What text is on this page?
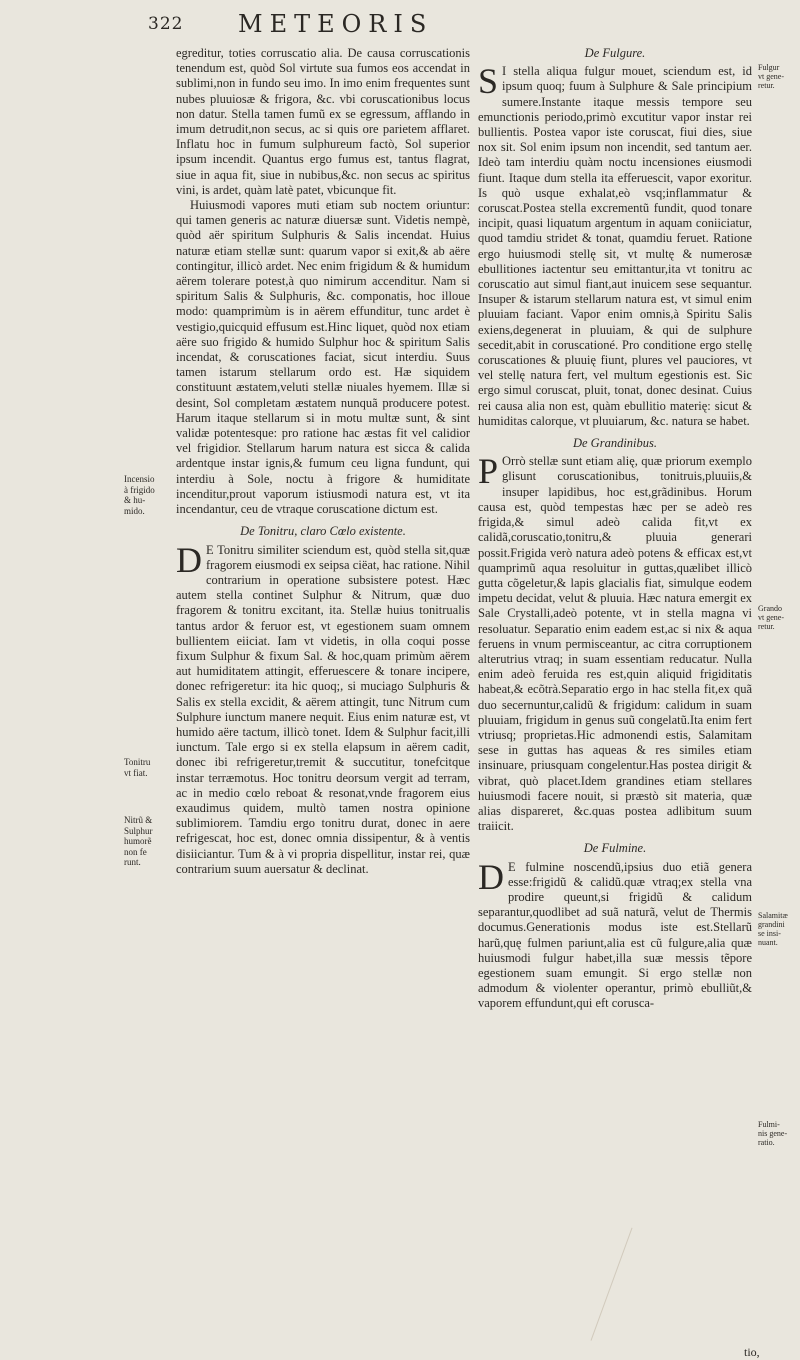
322 METEORIS
Incensio
à frigido
& hu-
mido.
Tonitru
vt fiat.
Nitrũ &
Sulphur
humorẽ
non fe
runt.
Fulgur
vt gene-
retur.
Grando
vt gene-
retur.
Salamitæ
grandini
se insi-
nuant.
Fulmi-
nis gene-
ratio.

egreditur, toties corruscatio alia. De causa corruscationis tenendum est, quòd Sol virtute sua fumos eos accendat in sublimi,non in fundo seu imo. In imo enim frequentes sunt nubes pluuiosæ & frigora, &c. vbi coruscationibus locus non datur. Stella tamen fumũ ex se egressum, afflando in imum detrudit,non secus, ac si quis ore parietem afflaret. Inflatu hoc in fumum sulphureum factò, Sol superior ipsum incendit. Quantus ergo fumus est, tantus flagrat, siue in aqua fit, siue in nubibus,&c. non secus ac spiritus vini, is ardet, quàm latè patet, vbicunque fit.

Huiusmodi vapores muti etiam sub noctem oriuntur: qui tamen generis ac naturæ diuersæ sunt. Videtis nempè, quòd aër spiritum Sulphuris & Salis incendat. Huius naturæ etiam stellæ sunt: quarum vapor si exit,& ab aëre contingitur, illicò ardet. Nec enim frigidum & & humidum aërem tolerare potest,à quo nimirum accenditur. Nam si spiritum Salis & Sulphuris, &c. componatis, hoc illoue modo: quamprimùm is in aërem effunditur, tunc ardet è vestigio,quicquid effusum est.Hinc liquet, quòd nox etiam aëre suo frigido & humido Sulphur hoc & spiritum Salis incendat, & coruscationes faciat, sicut interdiu. Suus tamen istarum stellarum ordo est. Hæ siquidem constituunt æstatem,veluti stellæ niuales hyemem. Illæ si desint, Sol completam æstatem nunquã producere potest. Harum itaque stellarum si in motu multæ sunt, & sint validæ potentesque: pro ratione hac æstas fit vel calidior vel frigidior. Stellarum harum natura est sicca & calida ardentque instar ignis,& fumum ceu ligna fundunt, qui interdiu à Sole, noctu à frigore & humiditate incenditur,prout vaporum istiusmodi natura est, vt ita incendantur, ceu de vtraque coruscatione dictum est.

De Tonitru, claro Cœlo existente.

D E Tonitru similiter sciendum est, quòd stella sit,quæ fragorem eiusmodi ex seipsa ciëat, hac ratione. Nihil contrarium in operatione subsistere potest. Hæc autem stella continet Sulphur & Nitrum, quæ duo fragorem & tonitru excitant, ita. Stellæ huius tonitrualis tantus ardor & feruor est, vt egestionem suam omnem bullientem eiiciat. Iam vt videtis, in olla coqui posse fixum Sulphur & fixum Sal. & hoc,quam primùm aërem aut humiditatem attingit, efferuescere & tonare incipere, donec refrigeretur: ita hic quoq;, si muciago Sulphuris & Salis ex stella excidit, & aërem attingit, tunc Nitrum cum Sulphure iunctum manere nequit. Eius enim naturæ est, vt humido aëre tactum, illicò tonet. Idem & Sulphur facit,illi iunctum. Tale ergo si ex stella elapsum in aërem cadit, donec ibi refrigeretur,tremit & succutitur, tonefcitque instar terræmotus. Hoc tonitru deorsum vergit ad terram, ac in medio cœlo reboat & resonat,vnde fragorem eius exaudimus quidem, multò tamen nostra opinione sublimiorem. Tamdiu ergo tonitru durat, donec in aere refrigescat, hoc est, donec omnia dissipentur, & à ventis disiiciantur. Tum & à vi propria dispellitur, instar rei, quæ contrarium suum auersatur & declinat.

De Fulgure.

S I stella aliqua fulgur mouet, sciendum est, id ipsum quoq; fuum à Sulphure & Sale principium sumere.Instante itaque messis tempore seu emunctionis periodo,primò excutitur vapor instar rei bullientis. Postea vapor iste coruscat, fiui dies, siue nox sit. Sol enim ipsum non incendit, sed tantum aer. Ideò tam interdiu quàm noctu incensiones eiusmodi fiunt. Itaque dum stella ita efferuescit, vapor exoritur. Is quò usque exhalat,eò vsq;inflammatur & coruscat.Postea stella excrementũ fundit, quod tonare incipit, quasi liquatum argentum in aquam coniiciatur, quod tamdiu stridet & tonat, quamdiu feruet. Ratione ergo huiusmodi stellę sit, vt multę & numerosæ ebullitiones iactentur seu emittantur,ita vt tonitru ac coruscatio aut simul fiant,aut inuicem sese sequantur. Insuper & istarum stellarum natura est, vt simul enim pluuiam faciant. Vapor enim omnis,à Spiritu Salis exiens,degenerat in pluuiam, & qui de sulphure secedit,abit in coruscationé. Pro conditione ergo stellę coruscationes & pluuię fiunt, plures vel pauciores, vt vel stellę natura fert, vel multum egestionis est. Sic ergo simul coruscat, pluit, tonat, donec desinat. Cuius rei causa alia non est, quàm ebullitio materię: sicut & humiditas calorque, vt pluuiarum, &c. natura se habet.

De Grandinibus.

P Orrò stellæ sunt etiam alię, quæ priorum exemplo glisunt coruscationibus, tonitruis,pluuiis,& insuper lapidibus, hoc est,grãdinibus. Horum causa est, quòd tempestas hæc per se adeò res frigida,& simul adeò calida fit,vt ex calidã,coruscatio,tonitru,& pluuia generari possit.Frigida verò natura adeò potens & efficax est,vt quamprimũ aqua resoluitur in guttas,quælibet illicò gutta cõgeletur,& lapis glacialis fiat, simulque eodem impetu decidat, velut & pluuia. Hæc natura emergit ex Sale Crystalli,adeò potente, vt in stella magna vi resoluatur. Separatio enim eadem est,ac si nix & aqua feruens in vnum permisceantur, ac citra corruptionem alterutrius vtraq; in suam essentiam reducatur. Nulla enim adeò feruida res est,quin aliquid frigiditatis habeat,& ecõtrà.Separatio ergo in hac stella fit,ex quã duo secernuntur,calidũ & frigidum: calidum in suam pluuiam, frigidum in genus suũ congelatũ.Ita enim fert vtriusq; proprietas.Hic admonendi estis, Salamitam sese in guttas has aqueas & res similes etiam insinuare, priusquam congelentur.Has postea dirigit & vibrat, quò placet.Idem grandines etiam stellares huiusmodi facere nouit, si præstò sit materia, quæ alias dispareret, &c.quas postea adlibitum suum traiicit.

De Fulmine.

D E fulmine noscendũ,ipsius duo etiã genera esse:frigidũ & calidũ.quæ vtraq;ex stella vna prodire queunt,si frigidũ & calidum separantur,quodlibet ad suã naturã, velut de Thermis documus.Generationis modus iste est.Stellarũ harũ,quę fulmen pariunt,alia est cũ fulgure,alia quæ huiusmodi fulgur habet,illa suæ messis tẽpore egestionem suam emungit. Si ergo stellæ non admodum & violenter operantur, primò ebulliũt,& vaporem effundunt,qui eft corusca-

tio,
